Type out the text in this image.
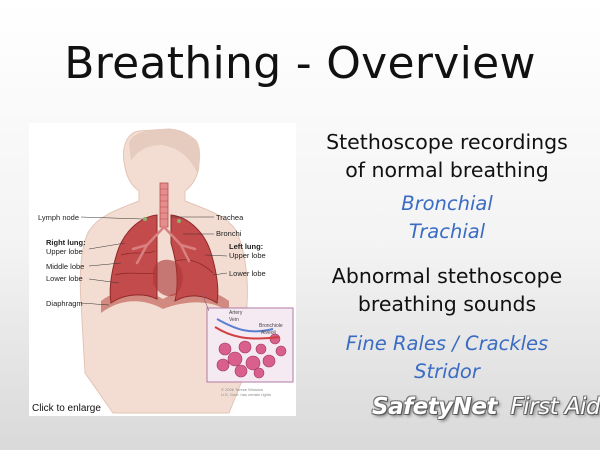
Breathing - Overview
Lymph node
Right lung:
Upper lobe
Middle lobe
Lower lobe
Diaphragm
Trachea
Bronchi
Left lung:
Upper lobe
Lower lobe
Artery
Vein
Bronchiole
Alveoli
© 2006 Terese Winslow
U.S. Govt. has certain rights
Click to enlarge
Stethoscope recordings
of normal breathing
Bronchial
Trachial
Abnormal stethoscope
breathing sounds
Fine Rales / Crackles
Stridor
SafetyNet First Aid
